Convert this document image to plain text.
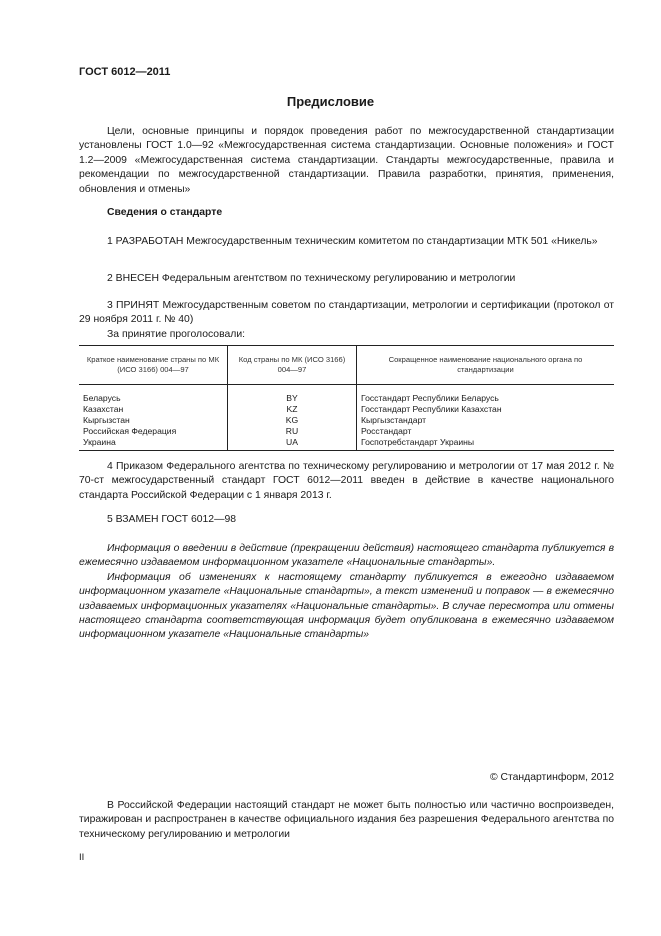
ГОСТ 6012—2011
Предисловие

Цели, основные принципы и порядок проведения работ по межгосударственной стандартизации установлены ГОСТ 1.0—92 «Межгосударственная система стандартизации. Основные положения» и ГОСТ 1.2—2009 «Межгосударственная система стандартизации. Стандарты межгосударственные, правила и рекомендации по межгосударственной стандартизации. Правила разработки, принятия, применения, обновления и отмены»

Сведения о стандарте

1 РАЗРАБОТАН Межгосударственным техническим комитетом по стандартизации МТК 501 «Никель»

2 ВНЕСЕН Федеральным агентством по техническому регулированию и метрологии

3 ПРИНЯТ Межгосударственным советом по стандартизации, метрологии и сертификации (протокол от 29 ноября 2011 г. № 40)

За принятие проголосовали:

Краткое наименование страны по МК (ИСО 3166) 004—97	Код страны по МК (ИСО 3166) 004—97	Сокращенное наименование национального органа по стандартизации
Беларусь	BY	Госстандарт Республики Беларусь
Казахстан	KZ	Госстандарт Республики Казахстан
Кыргызстан	KG	Кыргызстандарт
Российская Федерация	RU	Росстандарт
Украина	UA	Госпотребстандарт Украины

4 Приказом Федерального агентства по техническому регулированию и метрологии от 17 мая 2012 г. № 70-ст межгосударственный стандарт ГОСТ 6012—2011 введен в действие в качестве национального стандарта Российской Федерации с 1 января 2013 г.

5 ВЗАМЕН ГОСТ 6012—98

Информация о введении в действие (прекращении действия) настоящего стандарта публикуется в ежемесячно издаваемом информационном указателе «Национальные стандарты».

Информация об изменениях к настоящему стандарту публикуется в ежегодно издаваемом информационном указателе «Национальные стандарты», а текст изменений и поправок — в ежемесячно издаваемых информационных указателях «Национальные стандарты». В случае пересмотра или отмены настоящего стандарта соответствующая информация будет опубликована в ежемесячно издаваемом информационном указателе «Национальные стандарты»

© Стандартинформ, 2012

В Российской Федерации настоящий стандарт не может быть полностью или частично воспроизведен, тиражирован и распространен в качестве официального издания без разрешения Федерального агентства по техническому регулированию и метрологии

II
